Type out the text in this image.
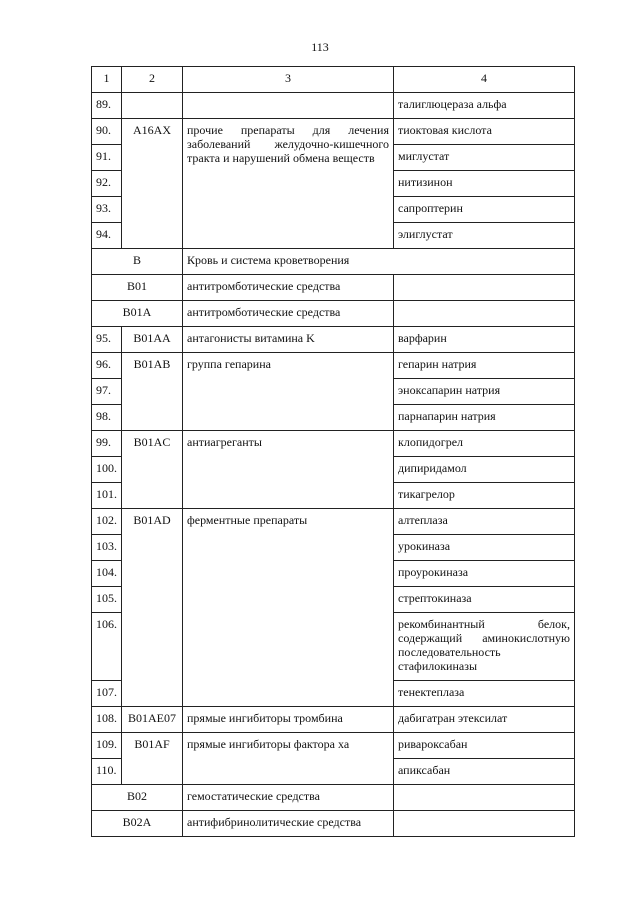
113
1	2	3	4
89.			талиглюцераза альфа
90.	A16AX	прочие препараты для лечения заболеваний желудочно-кишечного тракта и нарушений обмена веществ	тиоктовая кислота
91.			миглустат
92.			нитизинон
93.			сапроптерин
94.			элиглустат
B		Кровь и система кроветворения	
B01		антитромботические средства	
B01A		антитромботические средства	
95.	B01AA	антагонисты витамина K	варфарин
96.	B01AB	группа гепарина	гепарин натрия
97.			эноксапарин натрия
98.			парнапарин натрия
99.	B01AC	антиагреганты	клопидогрел
100.			дипиридамол
101.			тикагрелор
102.	B01AD	ферментные препараты	алтеплаза
103.			урокиназа
104.			проурокиназа
105.			стрептокиназа
106.			рекомбинантный белок, содержащий аминокислотную последовательность стафилокиназы
107.			тенектеплаза
108.	B01AE07	прямые ингибиторы тромбина	дабигатран этексилат
109.	B01AF	прямые ингибиторы фактора ха	ривароксабан
110.			апиксабан
B02		гемостатические средства	
B02A		антифибринолитические средства	
